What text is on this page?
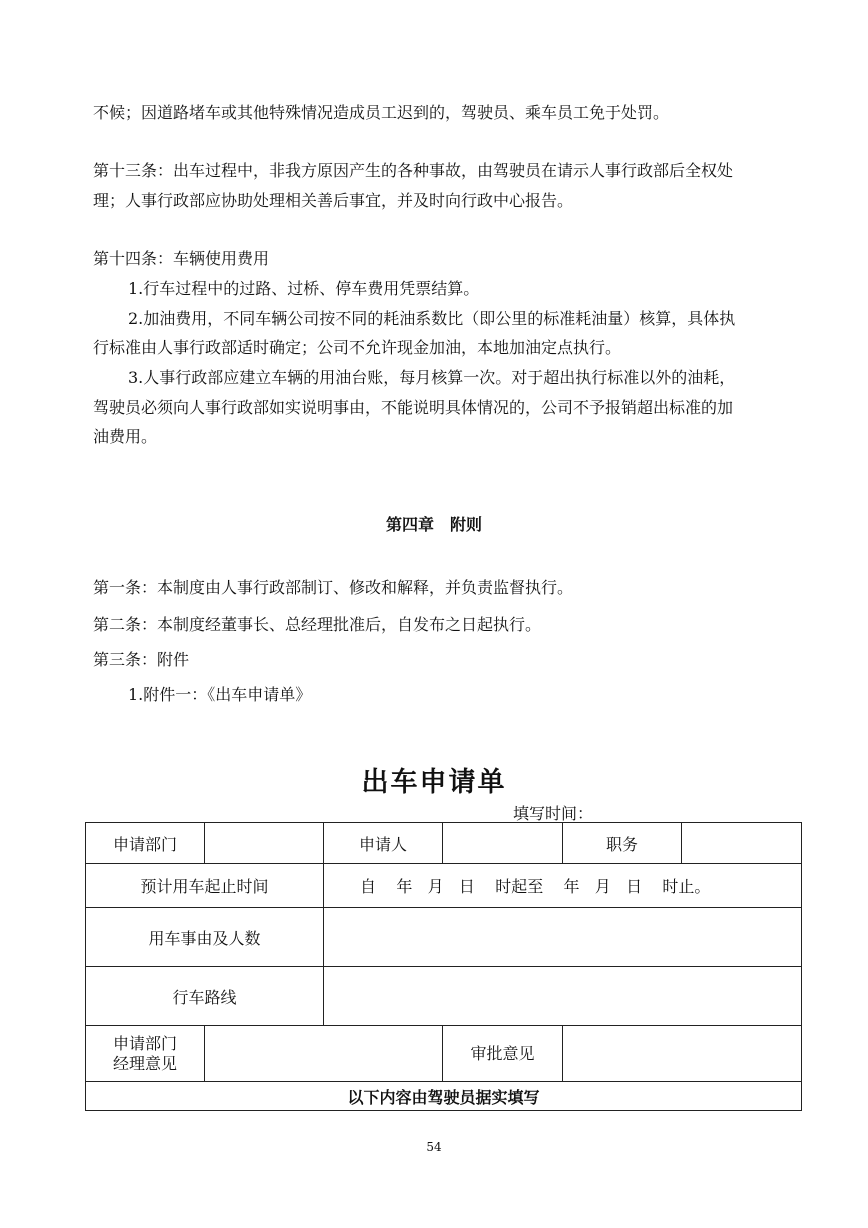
不候；因道路堵车或其他特殊情况造成员工迟到的，驾驶员、乘车员工免于处罚。
第十三条：出车过程中，非我方原因产生的各种事故，由驾驶员在请示人事行政部后全权处
理；人事行政部应协助处理相关善后事宜，并及时向行政中心报告。
第十四条：车辆使用费用
1.行车过程中的过路、过桥、停车费用凭票结算。
2.加油费用，不同车辆公司按不同的耗油系数比（即公里的标准耗油量）核算，具体执
行标准由人事行政部适时确定；公司不允许现金加油，本地加油定点执行。
3.人事行政部应建立车辆的用油台账，每月核算一次。对于超出执行标准以外的油耗，
驾驶员必须向人事行政部如实说明事由，不能说明具体情况的，公司不予报销超出标准的加
油费用。
第四章 附则
第一条：本制度由人事行政部制订、修改和解释，并负责监督执行。
第二条：本制度经董事长、总经理批准后，自发布之日起执行。
第三条：附件
1.附件一：《出车申请单》
出车申请单
填写时间：
申请部门		申请人		职务	
预计用车起止时间		自    年   月   日    时起至    年   月   日    时止。			
用车事由及人数					
行车路线					

申请部门
经理意见			审批意见		
以下内容由驾驶员据实填写					
54
